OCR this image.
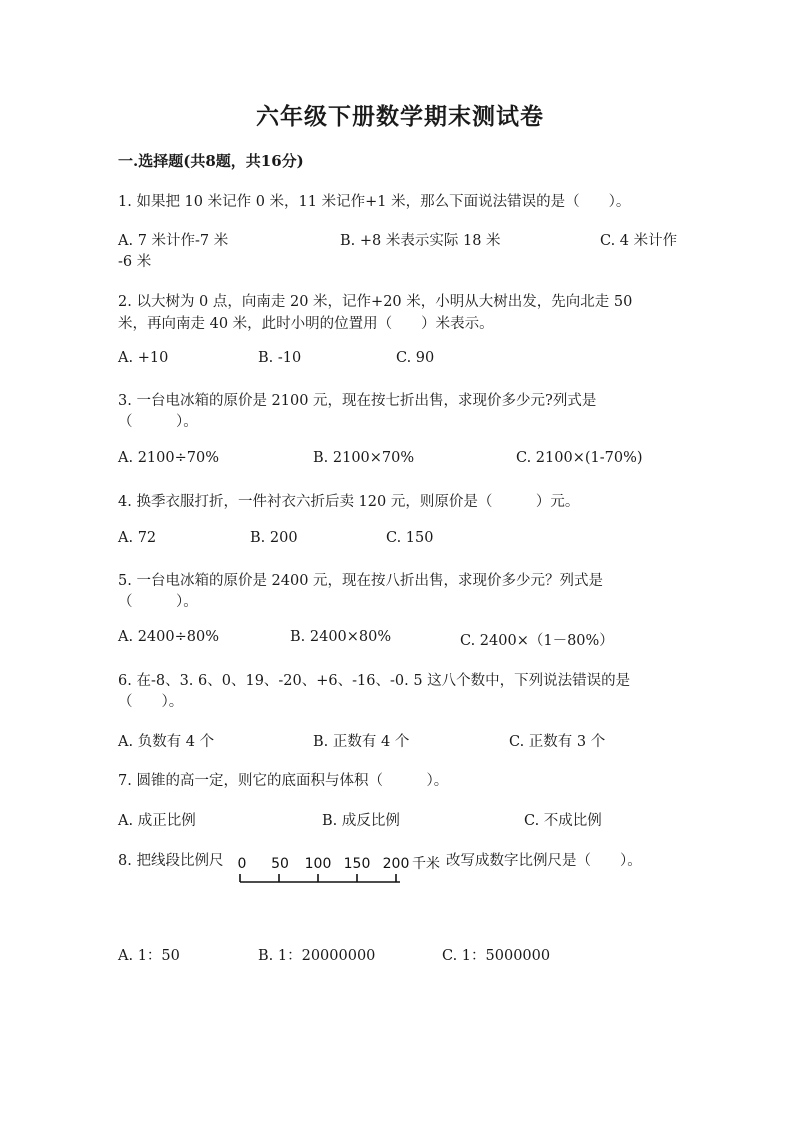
六年级下册数学期末测试卷
一.选择题(共8题，共16分)
1. 如果把 10 米记作 0 米，11 米记作+1 米，那么下面说法错误的是（　　）。
A. 7 米计作-7 米	B. +8 米表示实际 18 米	C. 4 米计作
-6 米
2. 以大树为 0 点，向南走 20 米，记作+20 米，小明从大树出发，先向北走 50
米，再向南走 40 米，此时小明的位置用（　　）米表示。
A. +10	B. -10	C. 90
3. 一台电冰箱的原价是 2100 元，现在按七折出售，求现价多少元?列式是
（　　　）。
A. 2100÷70%	B. 2100×70%	C. 2100×(1-70%)
4. 换季衣服打折，一件衬衣六折后卖 120 元，则原价是（　　　）元。
A. 72	B. 200	C. 150
5. 一台电冰箱的原价是 2400 元，现在按八折出售，求现价多少元？列式是
（　　　）。
A. 2400÷80%	B. 2400×80%	C. 2400×（1－80%）
6. 在-8、3. 6、0、19、-20、+6、-16、-0. 5 这八个数中，下列说法错误的是
（　　）。
A. 负数有 4 个	B. 正数有 4 个	C. 正数有 3 个
7. 圆锥的高一定，则它的底面积与体积（　　　）。
A. 成正比例	B. 成反比例	C. 不成比例
8. 把线段比例尺 0 50 100 150 200 千米 改写成数字比例尺是（　　）。
A. 1：50	B. 1：20000000	C. 1：5000000
